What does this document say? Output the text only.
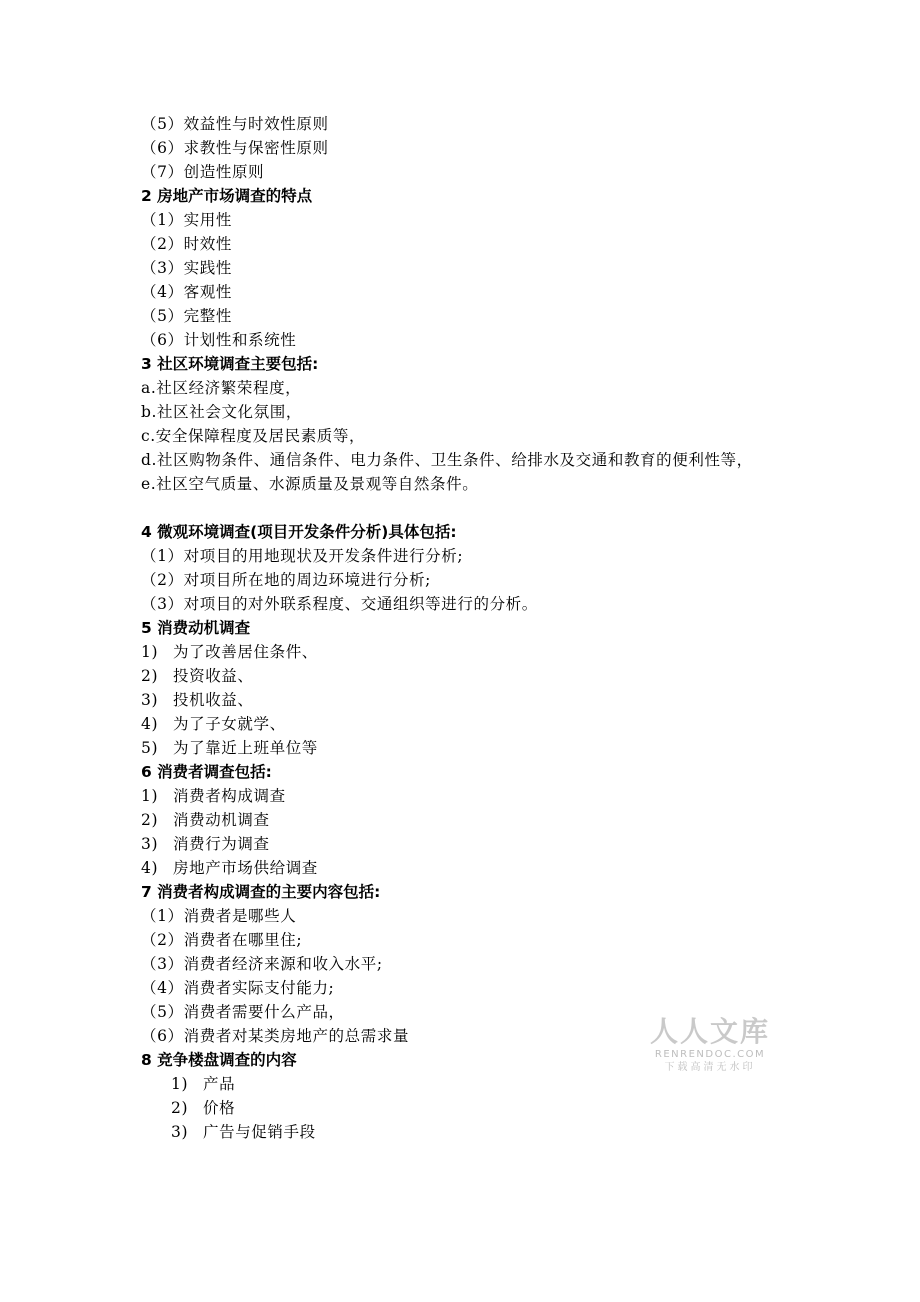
（5）效益性与时效性原则
（6）求教性与保密性原则
（7）创造性原则
2 房地产市场调查的特点
（1）实用性
（2）时效性
（3）实践性
（4）客观性
（5）完整性
（6）计划性和系统性
3 社区环境调查主要包括:
a.社区经济繁荣程度，
b.社区社会文化氛围，
c.安全保障程度及居民素质等，
d.社区购物条件、通信条件、电力条件、卫生条件、给排水及交通和教育的便利性等，
e.社区空气质量、水源质量及景观等自然条件。
4 微观环境调查(项目开发条件分析)具体包括:
（1）对项目的用地现状及开发条件进行分析;
（2）对项目所在地的周边环境进行分析;
（3）对项目的对外联系程度、交通组织等进行的分析。
5 消费动机调查
1) 为了改善居住条件、
2) 投资收益、
3) 投机收益、
4) 为了子女就学、
5) 为了靠近上班单位等
6 消费者调查包括:
1) 消费者构成调查
2) 消费动机调查
3) 消费行为调查
4) 房地产市场供给调查
7 消费者构成调查的主要内容包括:
（1）消费者是哪些人
（2）消费者在哪里住;
（3）消费者经济来源和收入水平;
（4）消费者实际支付能力;
（5）消费者需要什么产品，
（6）消费者对某类房地产的总需求量
8 竞争楼盘调查的内容
1) 产品
2) 价格
3) 广告与促销手段
人人文库
RENRENDOC.COM
下载高清无水印
